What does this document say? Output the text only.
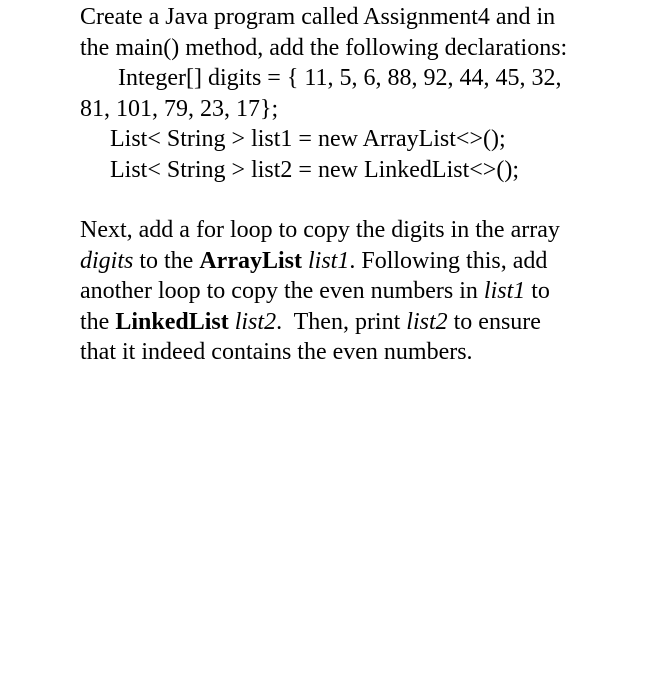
Create a Java program called Assignment4 and in
the main() method, add the following declarations:
Integer[] digits = { 11, 5, 6, 88, 92, 44, 45, 32,
81, 101, 79, 23, 17};
List< String > list1 = new ArrayList<>();
List< String > list2 = new LinkedList<>();

Next, add a for loop to copy the digits in the array
digits to the ArrayList list1. Following this, add
another loop to copy the even numbers in list1 to
the LinkedList list2.  Then, print list2 to ensure
that it indeed contains the even numbers.
